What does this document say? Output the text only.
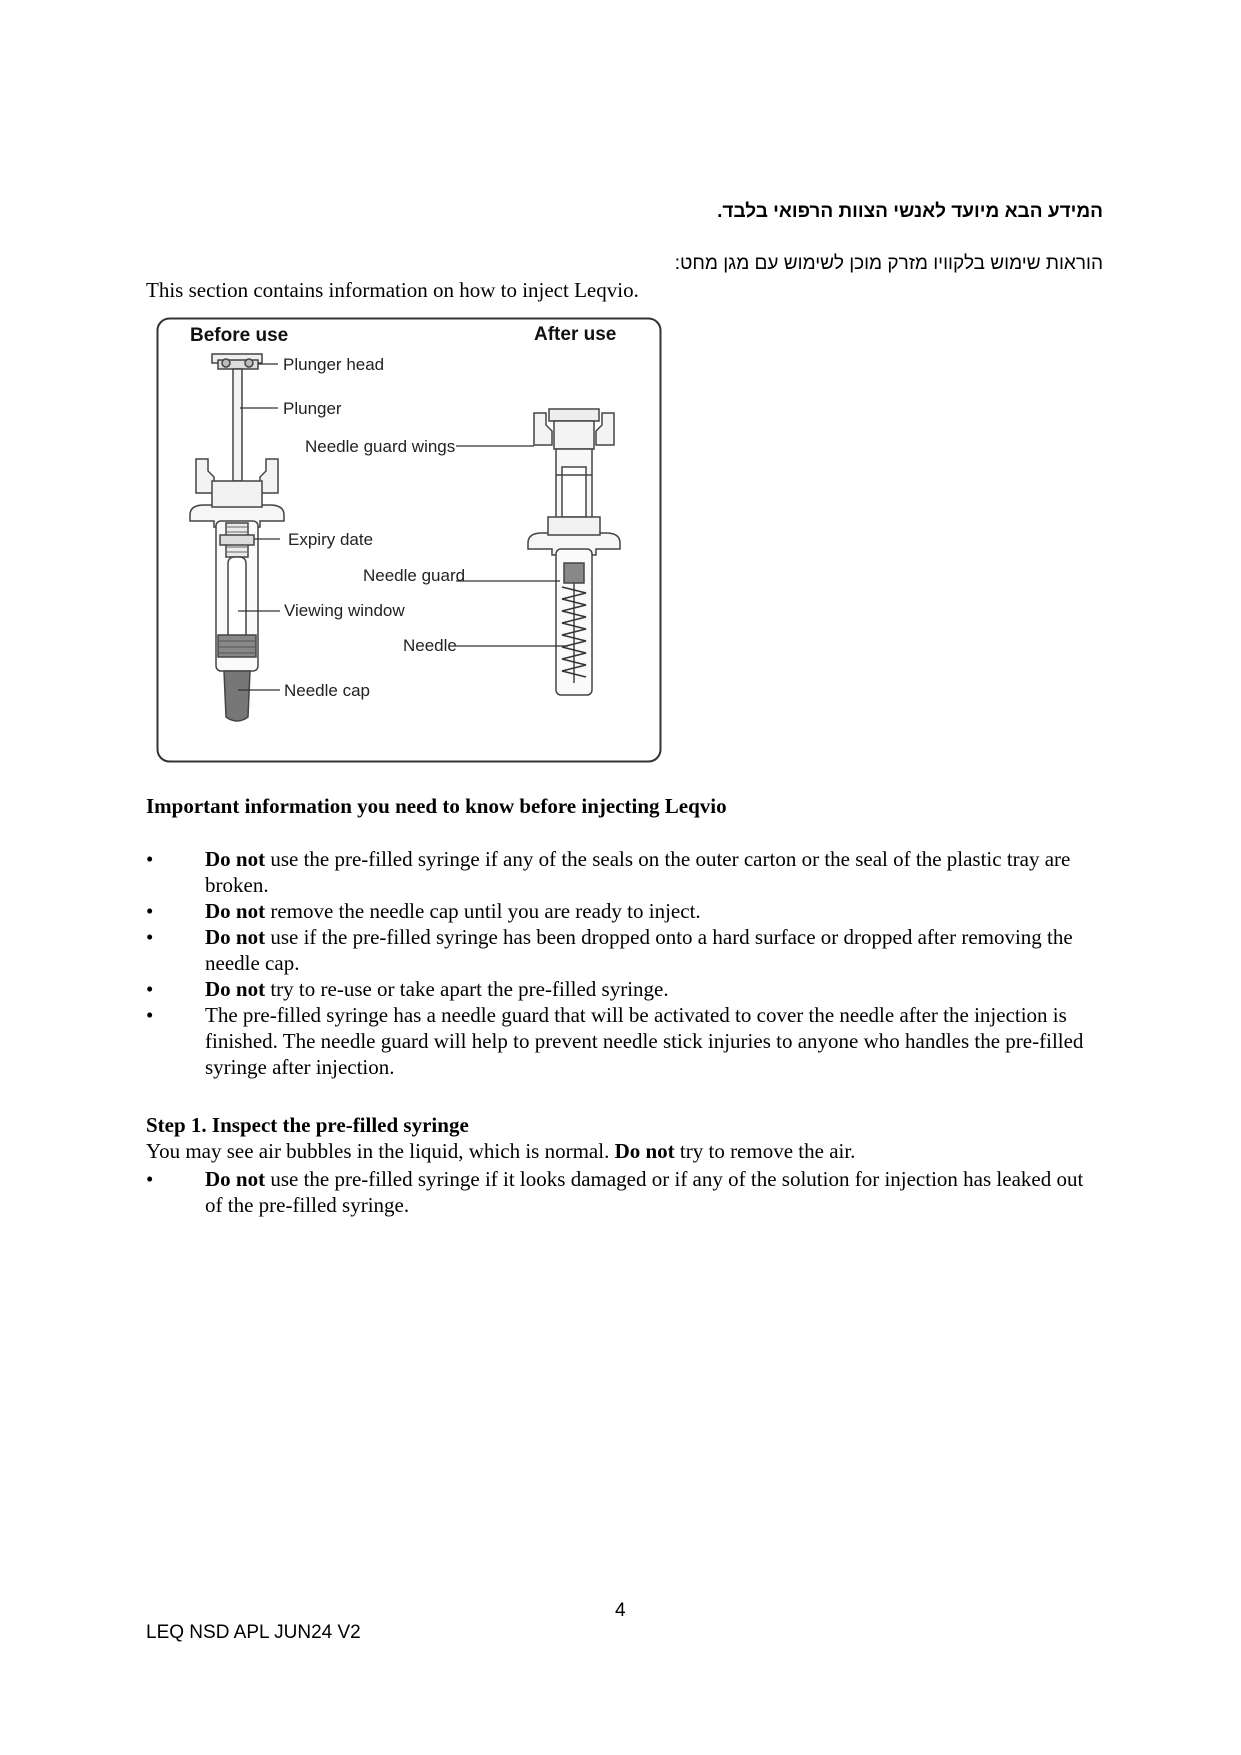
המידע הבא מיועד לאנשי הצוות הרפואי בלבד.
הוראות שימוש בלקוויו מזרק מוכן לשימוש עם מגן מחט:
This section contains information on how to inject Leqvio.
Before use	After use
Plunger head
Plunger
Needle guard wings
Expiry date
Needle guard
Viewing window
Needle
Needle cap
Important information you need to know before injecting Leqvio
• Do not use the pre-filled syringe if any of the seals on the outer carton or the seal of the plastic tray are broken.
• Do not remove the needle cap until you are ready to inject.
• Do not use if the pre-filled syringe has been dropped onto a hard surface or dropped after removing the needle cap.
• Do not try to re-use or take apart the pre-filled syringe.
• The pre-filled syringe has a needle guard that will be activated to cover the needle after the injection is finished. The needle guard will help to prevent needle stick injuries to anyone who handles the pre-filled syringe after injection.
Step 1. Inspect the pre-filled syringe
You may see air bubbles in the liquid, which is normal. Do not try to remove the air.
• Do not use the pre-filled syringe if it looks damaged or if any of the solution for injection has leaked out of the pre-filled syringe.
4
LEQ NSD APL JUN24 V2
